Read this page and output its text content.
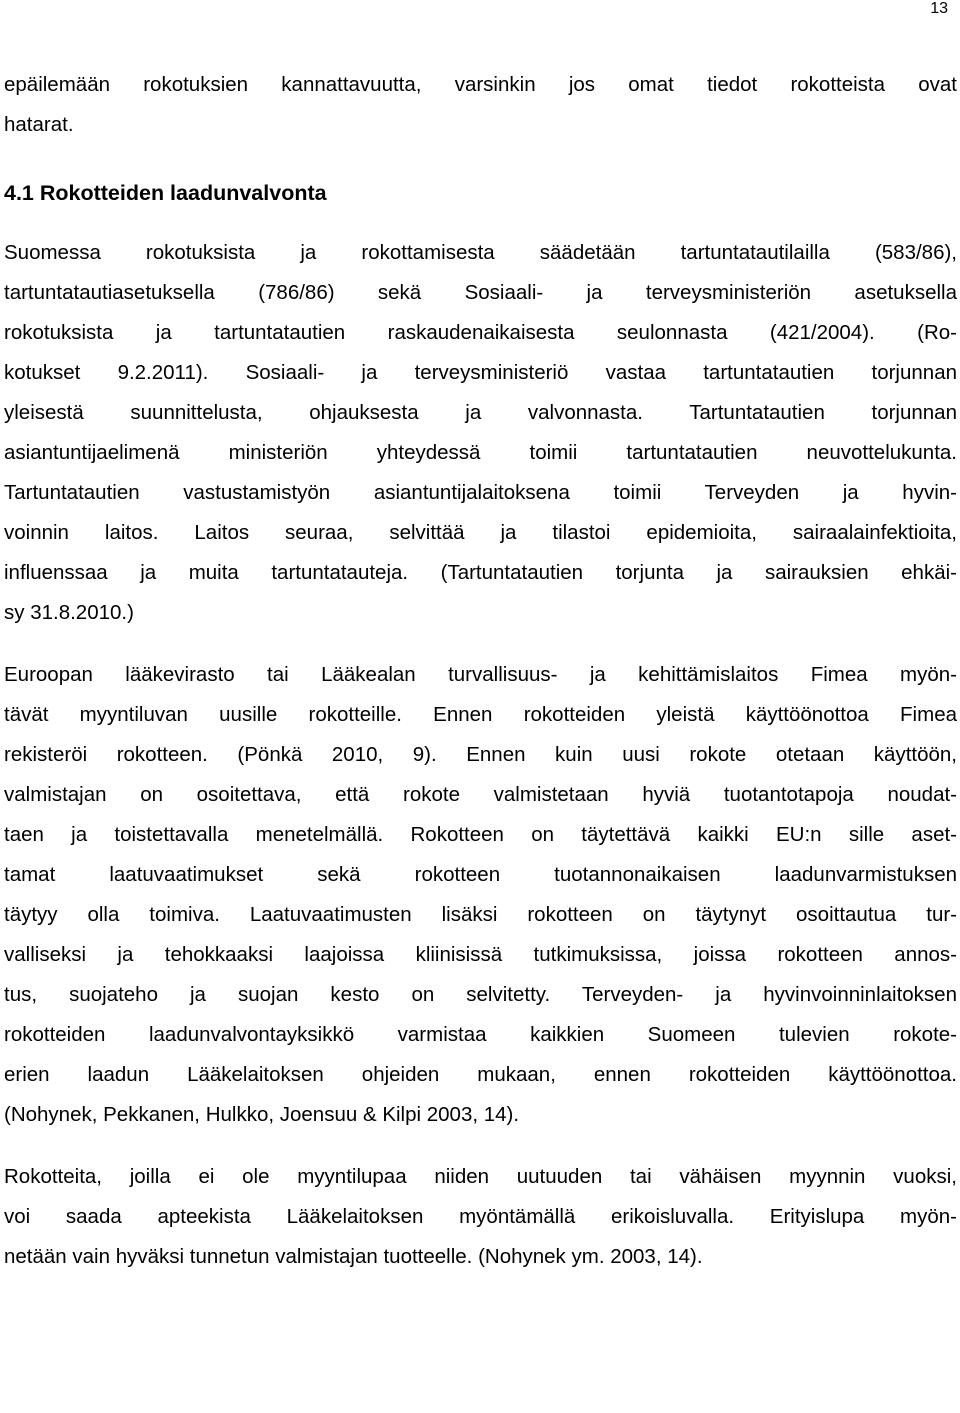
13
epäilemään rokotuksien kannattavuutta, varsinkin jos omat tiedot rokotteista ovat
hatarat.
4.1 Rokotteiden laadunvalvonta
Suomessa rokotuksista ja rokottamisesta säädetään tartuntatautilailla (583/86),
tartuntatautiasetuksella (786/86) sekä Sosiaali- ja terveysministeriön asetuksella
rokotuksista ja tartuntatautien raskaudenaikaisesta seulonnasta (421/2004). (Ro-
kotukset 9.2.2011). Sosiaali- ja terveysministeriö vastaa tartuntatautien torjunnan
yleisestä suunnittelusta, ohjauksesta ja valvonnasta. Tartuntatautien torjunnan
asiantuntijaelimenä ministeriön yhteydessä toimii tartuntatautien neuvottelukunta.
Tartuntatautien vastustamistyön asiantuntijalaitoksena toimii Terveyden ja hyvin-
voinnin laitos. Laitos seuraa, selvittää ja tilastoi epidemioita, sairaalainfektioita,
influenssaa ja muita tartuntatauteja. (Tartuntatautien torjunta ja sairauksien ehkäi-
sy 31.8.2010.)
Euroopan lääkevirasto tai Lääkealan turvallisuus- ja kehittämislaitos Fimea myön-
tävät myyntiluvan uusille rokotteille. Ennen rokotteiden yleistä käyttöönottoa Fimea
rekisteröi rokotteen. (Pönkä 2010, 9). Ennen kuin uusi rokote otetaan käyttöön,
valmistajan on osoitettava, että rokote valmistetaan hyviä tuotantotapoja noudat-
taen ja toistettavalla menetelmällä. Rokotteen on täytettävä kaikki EU:n sille aset-
tamat laatuvaatimukset sekä rokotteen tuotannonaikaisen laadunvarmistuksen
täytyy olla toimiva. Laatuvaatimusten lisäksi rokotteen on täytynyt osoittautua tur-
valliseksi ja tehokkaaksi laajoissa kliinisissä tutkimuksissa, joissa rokotteen annos-
tus, suojateho ja suojan kesto on selvitetty. Terveyden- ja hyvinvoinninlaitoksen
rokotteiden laadunvalvontayksikkö varmistaa kaikkien Suomeen tulevien rokote-
erien laadun Lääkelaitoksen ohjeiden mukaan, ennen rokotteiden käyttöönottoa.
(Nohynek, Pekkanen, Hulkko, Joensuu & Kilpi 2003, 14).
Rokotteita, joilla ei ole myyntilupaa niiden uutuuden tai vähäisen myynnin vuoksi,
voi saada apteekista Lääkelaitoksen myöntämällä erikoisluvalla. Erityislupa myön-
netään vain hyväksi tunnetun valmistajan tuotteelle. (Nohynek ym. 2003, 14).
